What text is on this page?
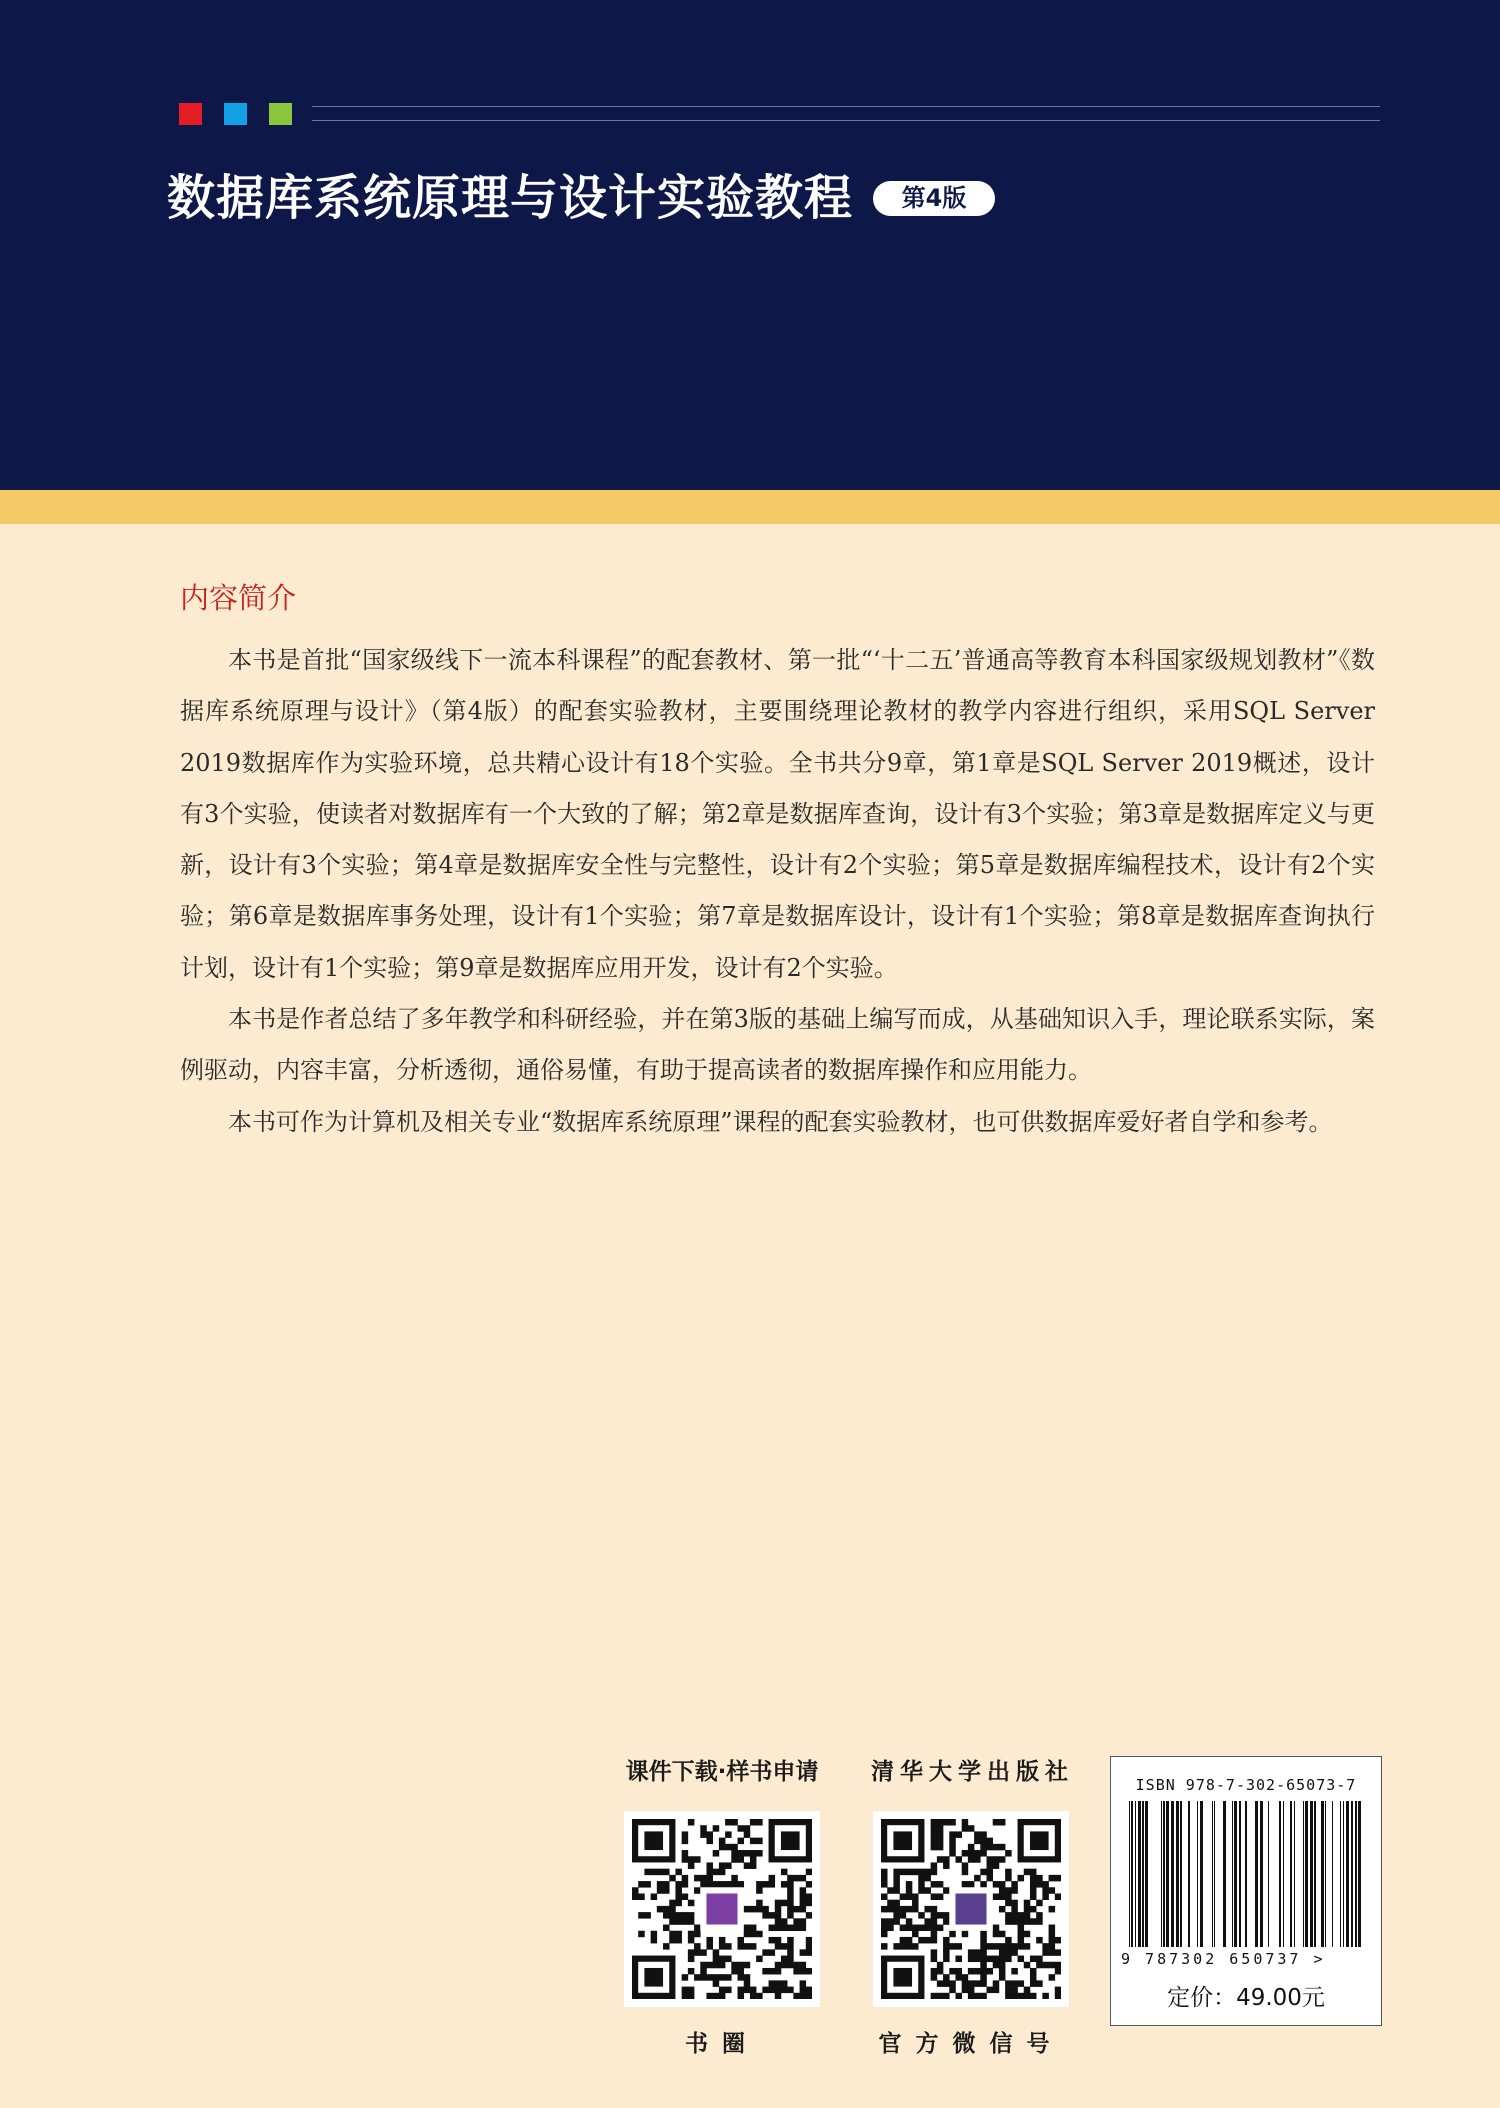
数据库系统原理与设计实验教程	第4版
内容简介

本书是首批“国家级线下一流本科课程”的配套教材、第一批“‘十二五’普通高等教育本科国家级规划教材”《数据库系统原理与设计》（第4版）的配套实验教材，主要围绕理论教材的教学内容进行组织，采用SQL Server 2019数据库作为实验环境，总共精心设计有18个实验。全书共分9章，第1章是SQL Server 2019概述，设计有3个实验，使读者对数据库有一个大致的了解；第2章是数据库查询，设计有3个实验；第3章是数据库定义与更新，设计有3个实验；第4章是数据库安全性与完整性，设计有2个实验；第5章是数据库编程技术，设计有2个实验；第6章是数据库事务处理，设计有1个实验；第7章是数据库设计，设计有1个实验；第8章是数据库查询执行计划，设计有1个实验；第9章是数据库应用开发，设计有2个实验。

本书是作者总结了多年教学和科研经验，并在第3版的基础上编写而成，从基础知识入手，理论联系实际，案例驱动，内容丰富，分析透彻，通俗易懂，有助于提高读者的数据库操作和应用能力。

本书可作为计算机及相关专业“数据库系统原理”课程的配套实验教材，也可供数据库爱好者自学和参考。

课件下载·样书申请
书圈
清华大学出版社
官方微信号
ISBN 978-7-302-65073-7
9 787302 650737 >
定价：49.00元
